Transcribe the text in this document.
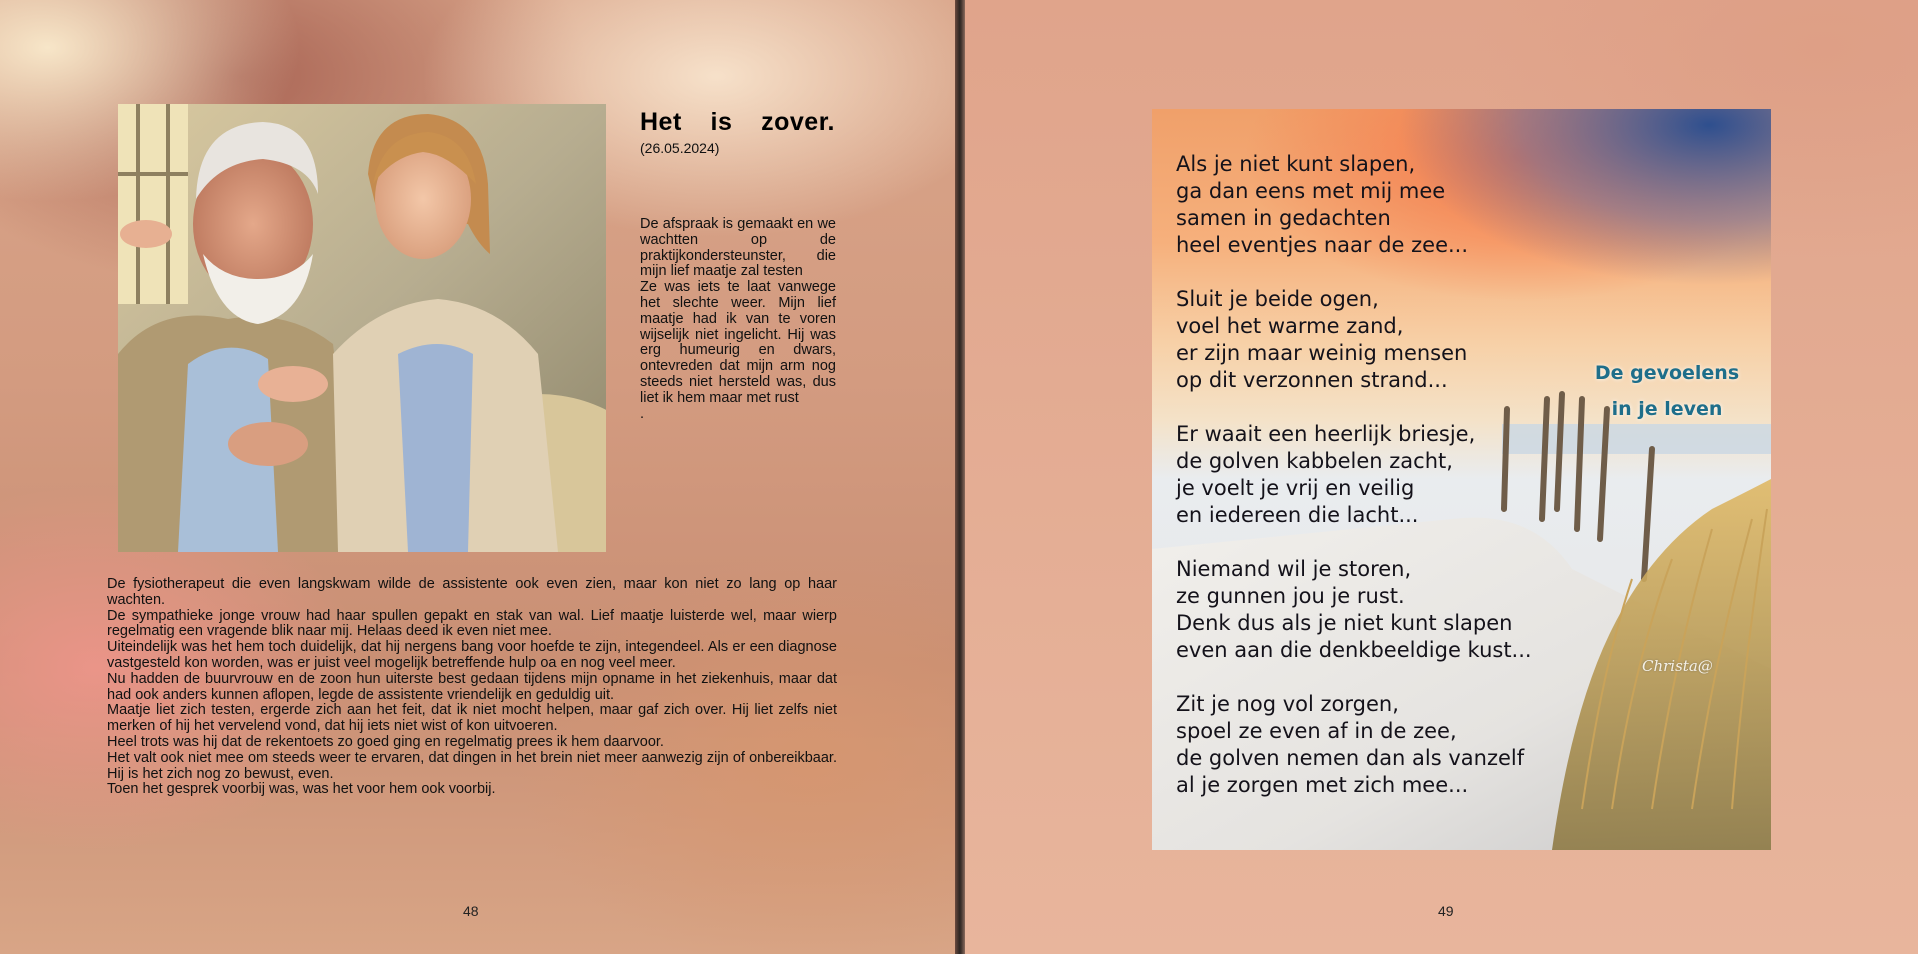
Het is zover.
(26.05.2024)

De afspraak is gemaakt en we wachtten op de praktijkondersteunster, die mijn lief maatje zal testen

Ze was iets te laat vanwege het slechte weer. Mijn lief maatje had ik van te voren wijselijk niet ingelicht. Hij was erg humeurig en dwars, ontevreden dat mijn arm nog steeds niet hersteld was, dus liet ik hem maar met rust

.

De fysiotherapeut die even langskwam wilde de assistente ook even zien, maar kon niet zo lang op haar wachten.

De sympathieke jonge vrouw had haar spullen gepakt en stak van wal. Lief maatje luisterde wel, maar wierp regelmatig een vragende blik naar mij. Helaas deed ik even niet mee.

Uiteindelijk was het hem toch duidelijk, dat hij nergens bang voor hoefde te zijn, integendeel. Als er een diagnose vastgesteld kon worden, was er juist veel mogelijk betreffende hulp oa en nog veel meer.

Nu hadden de buurvrouw en de zoon hun uiterste best gedaan tijdens mijn opname in het ziekenhuis, maar dat had ook anders kunnen aflopen, legde de assistente vriendelijk en geduldig uit.

Maatje liet zich testen, ergerde zich aan het feit, dat ik niet mocht helpen, maar gaf zich over. Hij liet zelfs niet merken of hij het vervelend vond, dat hij iets niet wist of kon uitvoeren.

Heel trots was hij dat de rekentoets zo goed ging en regelmatig prees ik hem daarvoor.

Het valt ook niet mee om steeds weer te ervaren, dat dingen in het brein niet meer aanwezig zijn of onbereikbaar. Hij is het zich nog zo bewust, even.

Toen het gesprek voorbij was, was het voor hem ook voorbij.

48
Als je niet kunt slapen,
ga dan eens met mij mee
samen in gedachten
heel eventjes naar de zee...
Sluit je beide ogen,
voel het warme zand,
er zijn maar weinig mensen
op dit verzonnen strand...
Er waait een heerlijk briesje,
de golven kabbelen zacht,
je voelt je vrij en veilig
en iedereen die lacht...
Niemand wil je storen,
ze gunnen jou je rust.
Denk dus als je niet kunt slapen
even aan die denkbeeldige kust...
Zit je nog vol zorgen,
spoel ze even af in de zee,
de golven nemen dan als vanzelf
al je zorgen met zich mee...
De gevoelens
in je leven
Christa@
49
